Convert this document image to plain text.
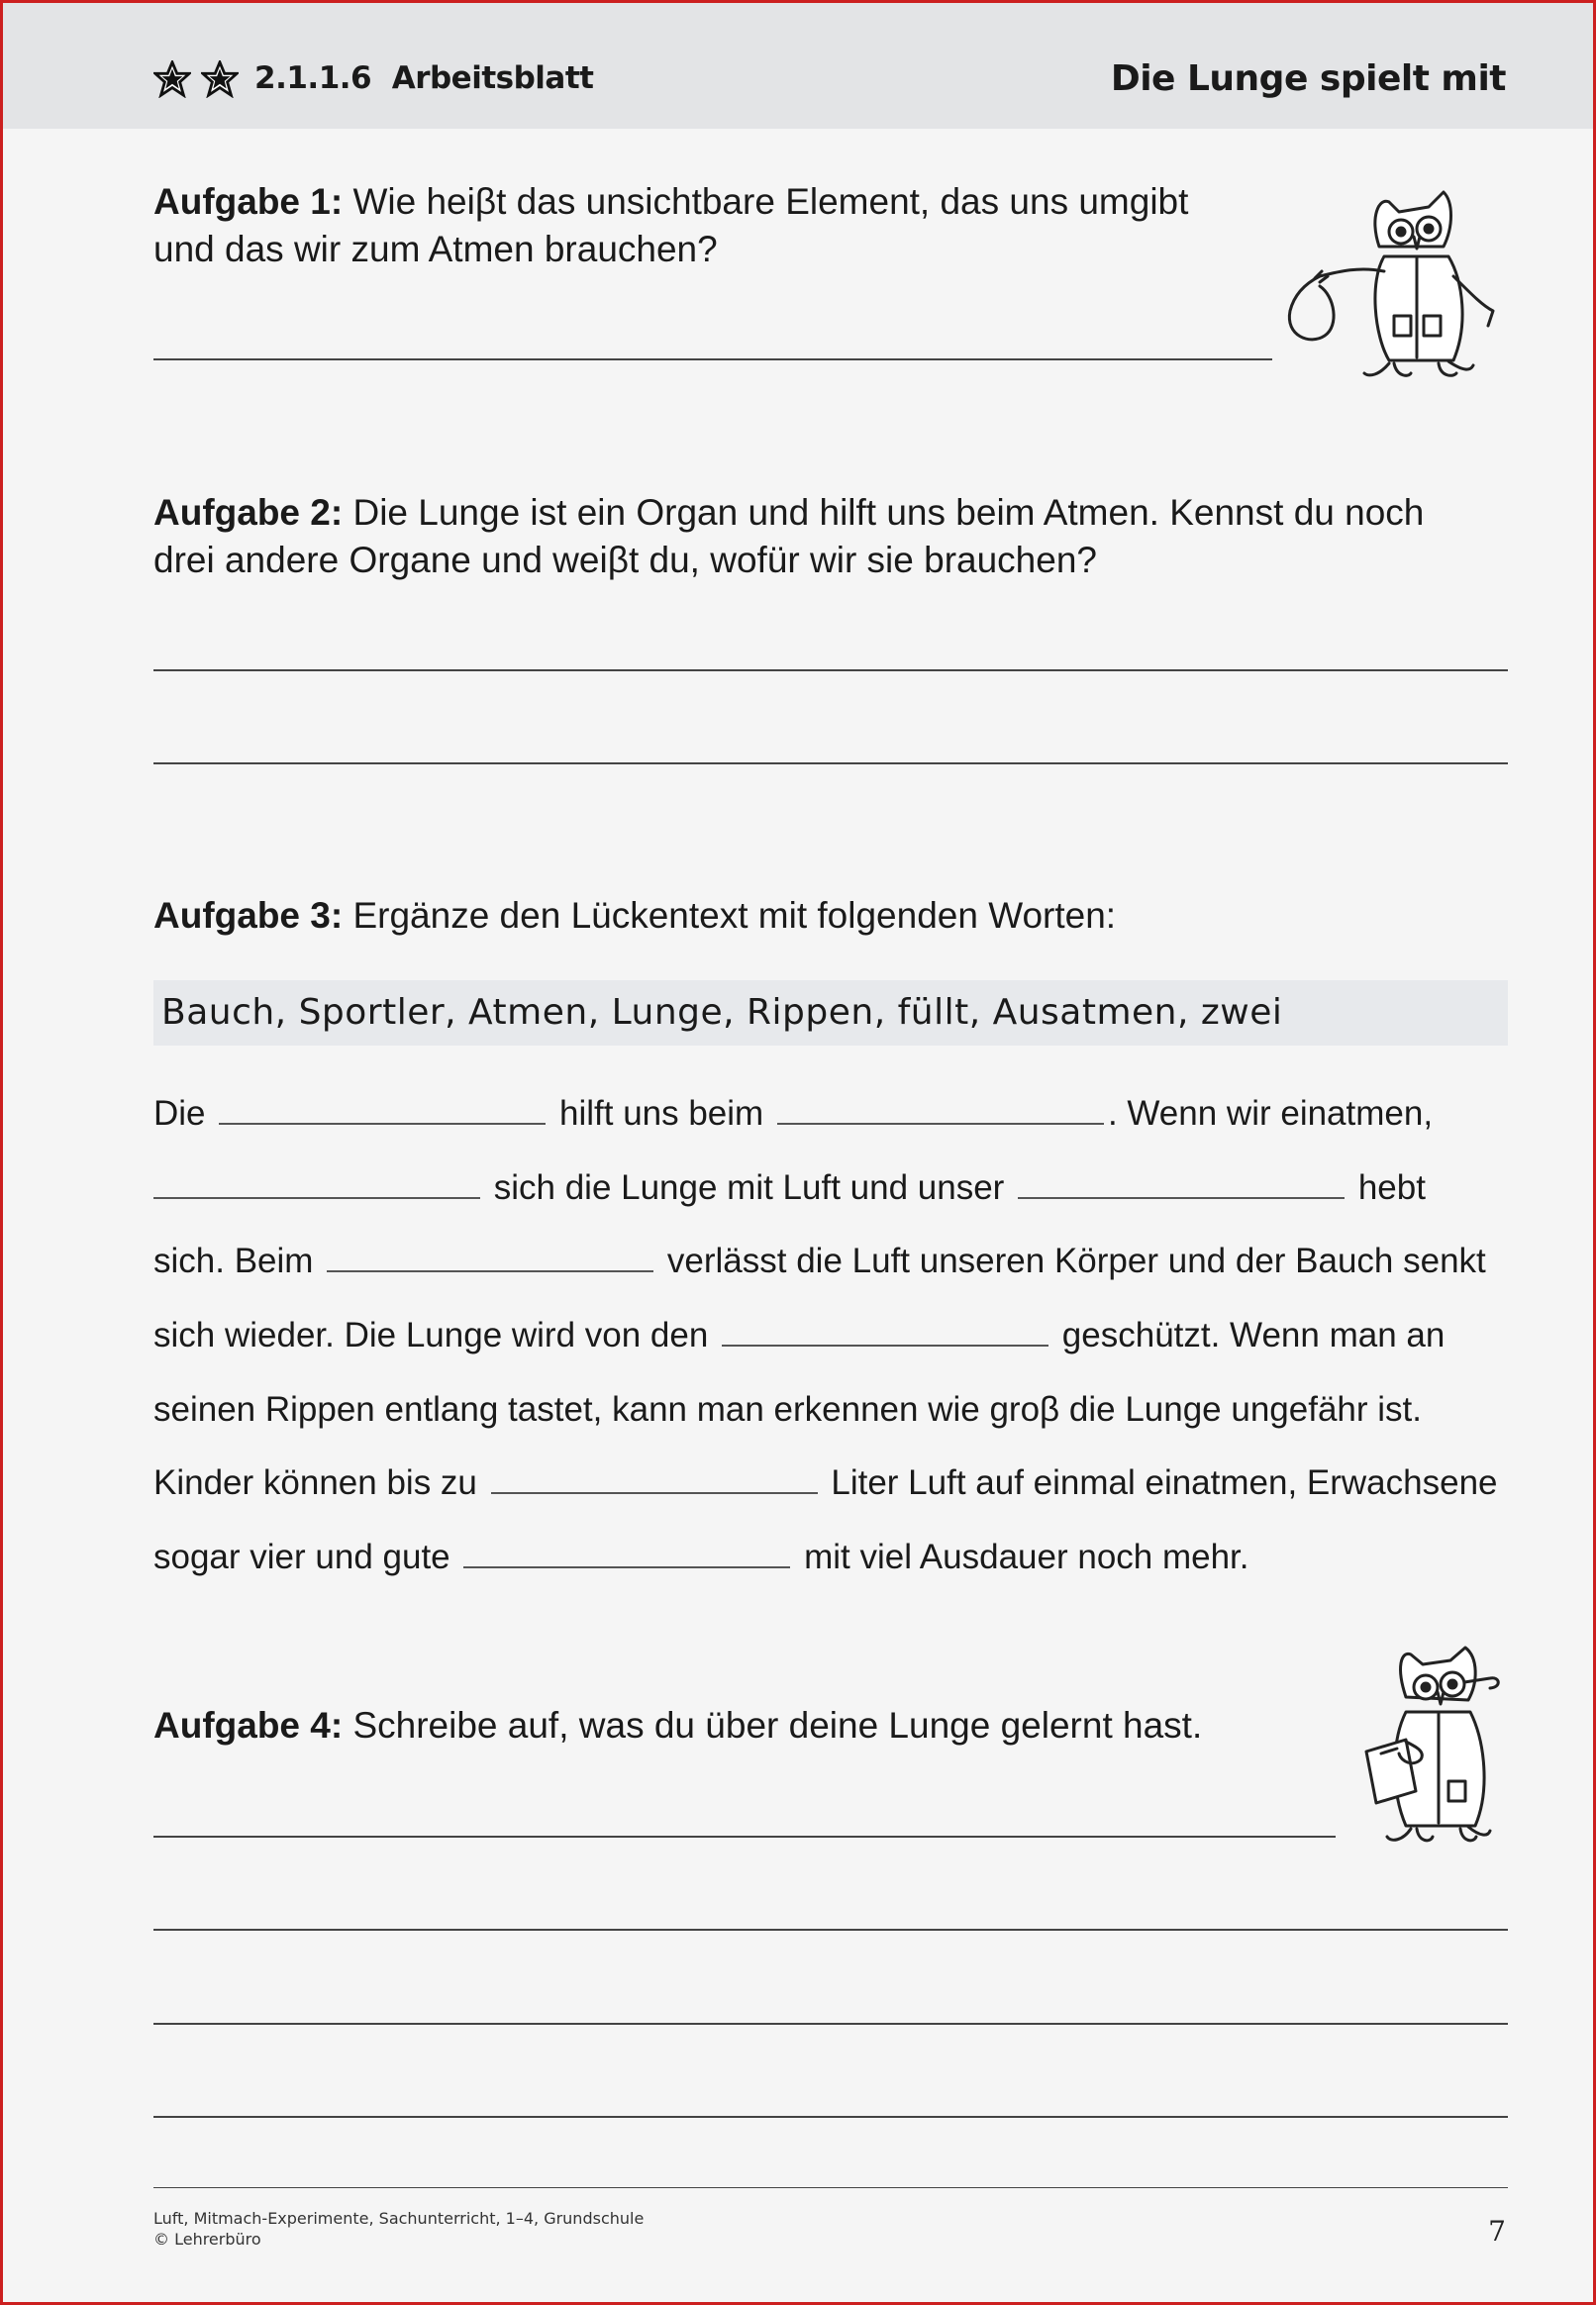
2.1.1.6 Arbeitsblatt	Die Lunge spielt mit
Aufgabe 1: Wie heiβt das unsichtbare Element, das uns umgibt
und das wir zum Atmen brauchen?
Aufgabe 2: Die Lunge ist ein Organ und hilft uns beim Atmen. Kennst du noch
drei andere Organe und weiβt du, wofür wir sie brauchen?
Aufgabe 3: Ergänze den Lückentext mit folgenden Worten:
Bauch, Sportler, Atmen, Lunge, Rippen, füllt, Ausatmen, zwei
Die	hilft uns beim	. Wenn wir einatmen,
sich die Lunge mit Luft und unser	hebt
sich. Beim	verlässt die Luft unseren Körper und der Bauch senkt
sich wieder. Die Lunge wird von den	geschützt. Wenn man an
seinen Rippen entlang tastet, kann man erkennen wie groβ die Lunge ungefähr ist.
Kinder können bis zu	Liter Luft auf einmal einatmen, Erwachsene
sogar vier und gute	mit viel Ausdauer noch mehr.
Aufgabe 4: Schreibe auf, was du über deine Lunge gelernt hast.
Luft, Mitmach-Experimente, Sachunterricht, 1–4, Grundschule
© Lehrerbüro	7
